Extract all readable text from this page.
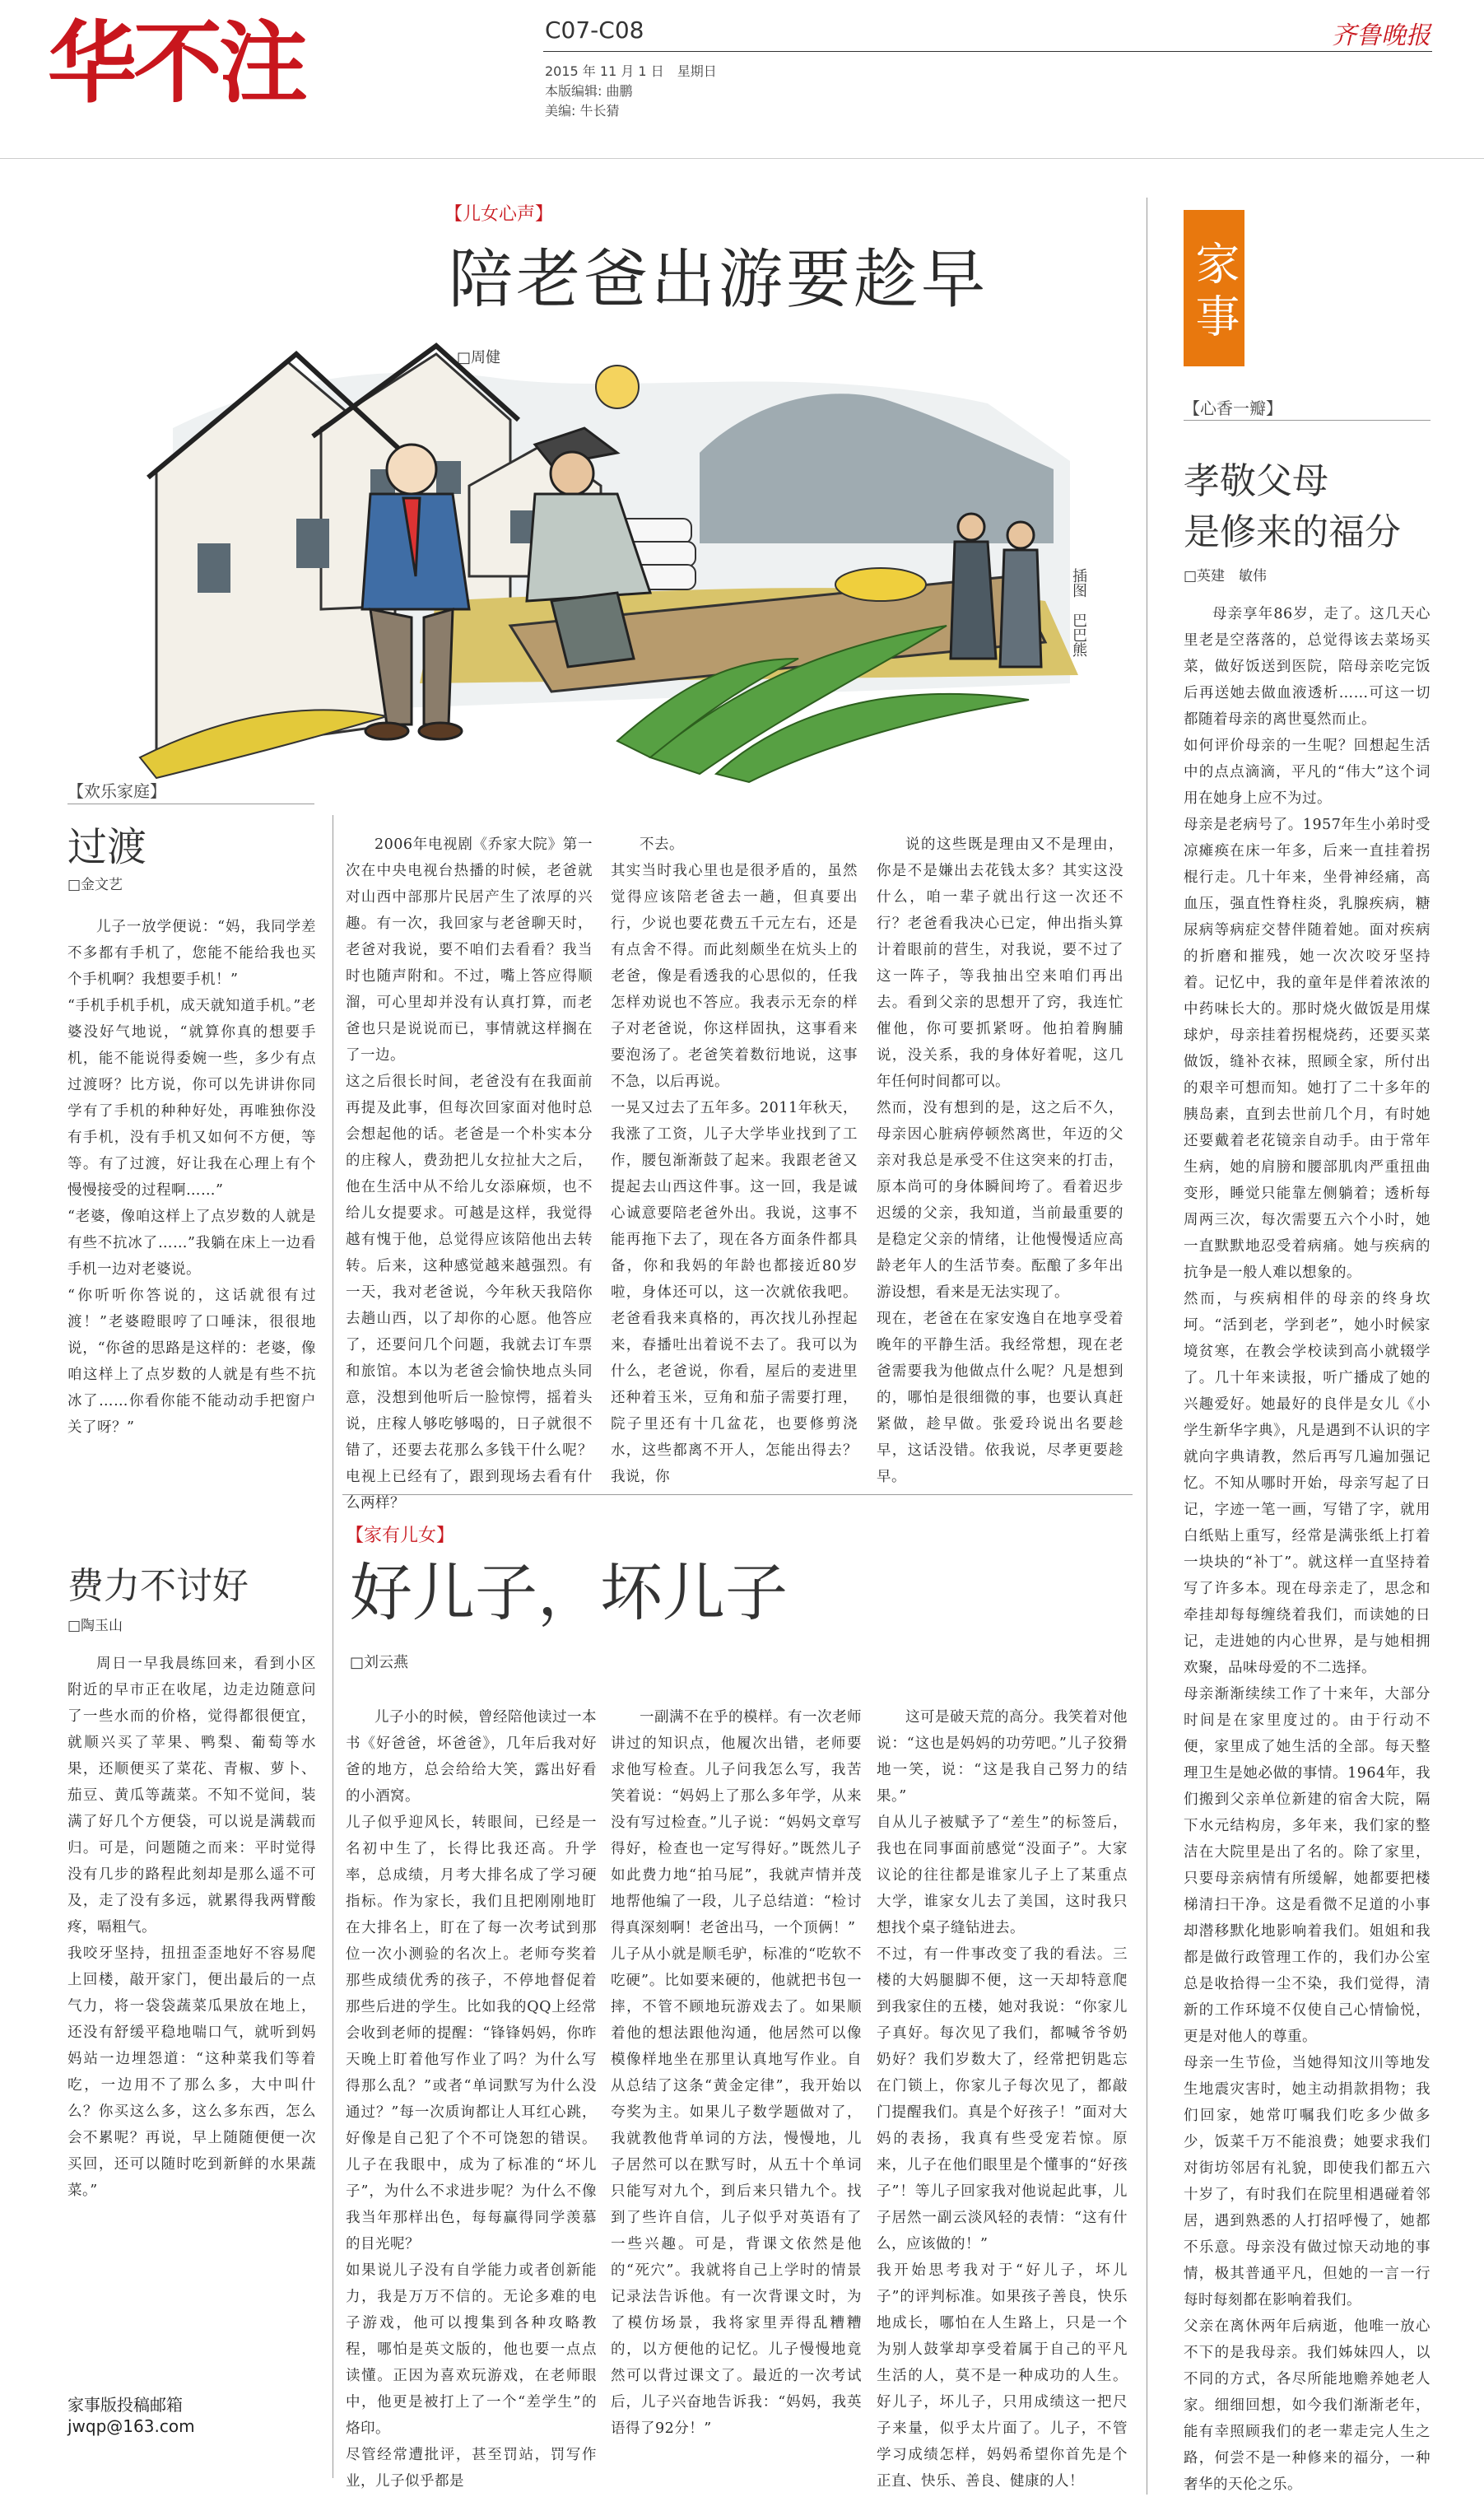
华不注	C07-C08
2015 年 11 月 1 日　星期日
本版编辑: 曲鹏
美编: 牛长猜
齐鲁晚报
【儿女心声】
陪老爸出游要趁早
□周健
插图　巴巴熊
【欢乐家庭】
过渡
□金文艺
儿子一放学便说：“妈，我同学差不多都有手机了，您能不能给我也买个手机啊？我想要手机！”
“手机手机手机，成天就知道手机。”老婆没好气地说，“就算你真的想要手机，能不能说得委婉一些，多少有点过渡呀？比方说，你可以先讲讲你同学有了手机的种种好处，再唯独你没有手机，没有手机又如何不方便，等等。有了过渡，好让我在心理上有个慢慢接受的过程啊……”
“老婆，像咱这样上了点岁数的人就是有些不抗冰了……”我躺在床上一边看手机一边对老婆说。
“你听听你答说的，这话就很有过渡！”老婆瞪眼哼了口唾沫，很很地说，“你爸的思路是这样的：老婆，像咱这样上了点岁数的人就是有些不抗冰了……你看你能不能动动手把窗户关了呀？”
费力不讨好
□陶玉山
周日一早我晨练回来，看到小区附近的早市正在收尾，边走边随意问了一些水而的价格，觉得都很便宜，就顺兴买了苹果、鸭梨、葡萄等水果，还顺便买了菜花、青椒、萝卜、茄豆、黄瓜等蔬菜。不知不觉间，装满了好几个方便袋，可以说是满载而归。可是，问题随之而来：平时觉得没有几步的路程此刻却是那么遥不可及，走了没有多远，就累得我两臂酸疼，嗝粗气。
我咬牙坚持，扭扭歪歪地好不容易爬上回楼，敲开家门，便出最后的一点气力，将一袋袋蔬菜瓜果放在地上，还没有舒缓平稳地喘口气，就听到妈妈站一边埋怨道：“这种菜我们等着吃，一边用不了那么多，大中叫什么？你买这么多，这么多东西，怎么会不累呢？再说，早上随随便便一次买回，还可以随时吃到新鲜的水果蔬菜。”
家事版投稿邮箱
jwqp@163.com
2006年电视剧《乔家大院》第一次在中央电视台热播的时候，老爸就对山西中部那片民居产生了浓厚的兴趣。有一次，我回家与老爸聊天时，老爸对我说，要不咱们去看看？我当时也随声附和。不过，嘴上答应得顺溜，可心里却并没有认真打算，而老爸也只是说说而已，事情就这样搁在了一边。
这之后很长时间，老爸没有在我面前再提及此事，但每次回家面对他时总会想起他的话。老爸是一个朴实本分的庄稼人，费劲把儿女拉扯大之后，他在生活中从不给儿女添麻烦，也不给儿女提要求。可越是这样，我觉得越有愧于他，总觉得应该陪他出去转转。后来，这种感觉越来越强烈。有一天，我对老爸说，今年秋天我陪你去趟山西，以了却你的心愿。他答应了，还要问几个问题，我就去订车票和旅馆。本以为老爸会愉快地点头同意，没想到他听后一脸惊愕，摇着头说，庄稼人够吃够喝的，日子就很不错了，还要去花那么多钱干什么呢？电视上已经有了，跟到现场去看有什么两样？
不去。
其实当时我心里也是很矛盾的，虽然觉得应该陪老爸去一趟，但真要出行，少说也要花费五千元左右，还是有点舍不得。而此刻颇坐在炕头上的老爸，像是看透我的心思似的，任我怎样劝说也不答应。我表示无奈的样子对老爸说，你这样固执，这事看来要泡汤了。老爸笑着数衍地说，这事不急，以后再说。
一晃又过去了五年多。2011年秋天，我涨了工资，儿子大学毕业找到了工作，腰包渐渐鼓了起来。我跟老爸又提起去山西这件事。这一回，我是诚心诚意要陪老爸外出。我说，这事不能再拖下去了，现在各方面条件都具备，你和我妈的年龄也都接近80岁啦，身体还可以，这一次就依我吧。老爸看我来真格的，再次找儿孙捏起来，春播吐出着说不去了。我可以为什么，老爸说，你看，屋后的麦进里还种着玉米，豆角和茄子需要打理，院子里还有十几盆花，也要修剪浇水，这些都离不开人，怎能出得去？我说，你
说的这些既是理由又不是理由，你是不是嫌出去花钱太多？其实这没什么，咱一辈子就出行这一次还不行？老爸看我决心已定，伸出指头算计着眼前的营生，对我说，要不过了这一阵子，等我抽出空来咱们再出去。看到父亲的思想开了窍，我连忙催他，你可要抓紧呀。他拍着胸脯说，没关系，我的身体好着呢，这几年任何时间都可以。
然而，没有想到的是，这之后不久，母亲因心脏病停顿然离世，年迈的父亲对我总是承受不住这突来的打击，原本尚可的身体瞬间垮了。看着迟步迟缓的父亲，我知道，当前最重要的是稳定父亲的情绪，让他慢慢适应高龄老年人的生活节奏。酝酿了多年出游设想，看来是无法实现了。
现在，老爸在在家安逸自在地享受着晚年的平静生活。我经常想，现在老爸需要我为他做点什么呢？凡是想到的，哪怕是很细微的事，也要认真赶紧做，趁早做。张爱玲说出名要趁早，这话没错。依我说，尽孝更要趁早。
【家有儿女】
好儿子，坏儿子
□刘云燕
儿子小的时候，曾经陪他读过一本书《好爸爸，坏爸爸》，几年后我对好爸的地方，总会给给大笑，露出好看的小酒窝。
儿子似乎迎风长，转眼间，已经是一名初中生了，长得比我还高。升学率，总成绩，月考大排名成了学习硬指标。作为家长，我们且把刚刚地盯在大排名上，盯在了每一次考试到那位一次小测验的名次上。老师夸奖着那些成绩优秀的孩子，不停地督促着那些后进的学生。比如我的QQ上经常会收到老师的提醒：“锋锋妈妈，你昨天晚上盯着他写作业了吗？为什么写得那么乱？”或者“单词默写为什么没通过？”每一次质询都让人耳红心跳，好像是自己犯了个不可饶恕的错误。儿子在我眼中，成为了标准的“坏儿子”，为什么不求进步呢？为什么不像我当年那样出色，每每赢得同学羡慕的目光呢？
如果说儿子没有自学能力或者创新能力，我是万万不信的。无论多难的电子游戏，他可以搜集到各种攻略教程，哪怕是英文版的，他也要一点点读懂。正因为喜欢玩游戏，在老师眼中，他更是被打上了一个“差学生”的烙印。
尽管经常遭批评，甚至罚站，罚写作业，儿子似乎都是
一副满不在乎的模样。有一次老师讲过的知识点，他履次出错，老师要求他写检查。儿子问我怎么写，我苦笑着说：“妈妈上了那么多年学，从来没有写过检查。”儿子说：“妈妈文章写得好，检查也一定写得好。”既然儿子如此费力地“拍马屁”，我就声情并茂地帮他编了一段，儿子总结道：“检讨得真深刻啊！老爸出马，一个顶俩！”
儿子从小就是顺毛驴，标准的“吃软不吃硬”。比如要来硬的，他就把书包一摔，不管不顾地玩游戏去了。如果顺着他的想法跟他沟通，他居然可以像模像样地坐在那里认真地写作业。自从总结了这条“黄金定律”，我开始以夸奖为主。如果儿子数学题做对了，我就教他背单词的方法，慢慢地，儿子居然可以在默写时，从五十个单词只能写对九个，到后来只错九个。找到了些许自信，儿子似乎对英语有了一些兴趣。可是，背课文依然是他的“死穴”。我就将自己上学时的情景记录法告诉他。有一次背课文时，为了模仿场景，我将家里弄得乱糟糟的，以方便他的记忆。儿子慢慢地竟然可以背过课文了。最近的一次考试后，儿子兴奋地告诉我：“妈妈，我英语得了92分！”
这可是破天荒的高分。我笑着对他说：“这也是妈妈的功劳吧。”儿子狡猾地一笑，说：“这是我自己努力的结果。”
自从儿子被赋予了“差生”的标签后，我也在同事面前感觉“没面子”。大家议论的往往都是谁家儿子上了某重点大学，谁家女儿去了美国，这时我只想找个桌子缝钻进去。
不过，有一件事改变了我的看法。三楼的大妈腿脚不便，这一天却特意爬到我家住的五楼，她对我说：“你家儿子真好。每次见了我们，都喊爷爷奶奶好？我们岁数大了，经常把钥匙忘在门锁上，你家儿子每次见了，都敲门提醒我们。真是个好孩子！”面对大妈的表扬，我真有些受宠若惊。原来，儿子在他们眼里是个懂事的“好孩子”！等儿子回家我对他说起此事，儿子居然一副云淡风轻的表情：“这有什么，应该做的！”
我开始思考我对于“好儿子，坏儿子”的评判标准。如果孩子善良，快乐地成长，哪怕在人生路上，只是一个为别人鼓掌却享受着属于自己的平凡生活的人，莫不是一种成功的人生。好儿子，坏儿子，只用成绩这一把尺子来量，似乎太片面了。儿子，不管学习成绩怎样，妈妈希望你首先是个正直、快乐、善良、健康的人！
家事
【心香一瓣】
孝敬父母
是修来的福分
□英建　敏伟
母亲享年86岁，走了。这几天心里老是空落落的，总觉得该去菜场买菜，做好饭送到医院，陪母亲吃完饭后再送她去做血液透析……可这一切都随着母亲的离世戛然而止。
如何评价母亲的一生呢？回想起生活中的点点滴滴，平凡的“伟大”这个词用在她身上应不为过。
母亲是老病号了。1957年生小弟时受凉瘫痪在床一年多，后来一直挂着拐棍行走。几十年来，坐骨神经痛，高血压，强直性脊柱炎，乳腺疾病，糖尿病等病症交替伴随着她。面对疾病的折磨和摧残，她一次次咬牙坚持着。记忆中，我的童年是伴着浓浓的中药味长大的。那时烧火做饭是用煤球炉，母亲挂着拐棍烧药，还要买菜做饭，缝补衣袜，照顾全家，所付出的艰辛可想而知。她打了二十多年的胰岛素，直到去世前几个月，有时她还要戴着老花镜亲自动手。由于常年生病，她的肩膀和腰部肌肉严重扭曲变形，睡觉只能靠左侧躺着；透析每周两三次，每次需要五六个小时，她一直默默地忍受着病痛。她与疾病的抗争是一般人难以想象的。
然而，与疾病相伴的母亲的终身坎坷。“活到老，学到老”，她小时候家境贫寒，在教会学校读到高小就辍学了。几十年来读报，听广播成了她的兴趣爱好。她最好的良伴是女儿《小学生新华字典》，凡是遇到不认识的字就向字典请教，然后再写几遍加强记忆。不知从哪时开始，母亲写起了日记，字迹一笔一画，写错了字，就用白纸贴上重写，经常是满张纸上打着一块块的“补丁”。就这样一直坚持着写了许多本。现在母亲走了，思念和牵挂却每每缠绕着我们，而读她的日记，走进她的内心世界，是与她相拥欢聚，品味母爱的不二选择。
母亲渐渐续续工作了十来年，大部分时间是在家里度过的。由于行动不便，家里成了她生活的全部。每天整理卫生是她必做的事情。1964年，我们搬到父亲单位新建的宿舍大院，隔下水元结构房，多年来，我们家的整洁在大院里是出了名的。除了家里，只要母亲病情有所缓解，她都要把楼梯清扫干净。这是看微不足道的小事却潜移默化地影响着我们。姐姐和我都是做行政管理工作的，我们办公室总是收拾得一尘不染，我们觉得，清新的工作环境不仅使自己心情愉悦，更是对他人的尊重。
母亲一生节俭，当她得知汶川等地发生地震灾害时，她主动捐款捐物；我们回家，她常叮嘱我们吃多少做多少，饭菜千万不能浪费；她要求我们对街坊邻居有礼貌，即使我们都五六十岁了，有时我们在院里相遇碰着邻居，遇到熟悉的人打招呼慢了，她都不乐意。母亲没有做过惊天动地的事情，极其普通平凡，但她的一言一行每时每刻都在影响着我们。
父亲在离休两年后病逝，他唯一放心不下的是我母亲。我们姊妹四人，以不同的方式，各尽所能地赡养她老人家。细细回想，如今我们渐渐老年，能有幸照顾我们的老一辈走完人生之路，何尝不是一种修来的福分，一种奢华的天伦之乐。
